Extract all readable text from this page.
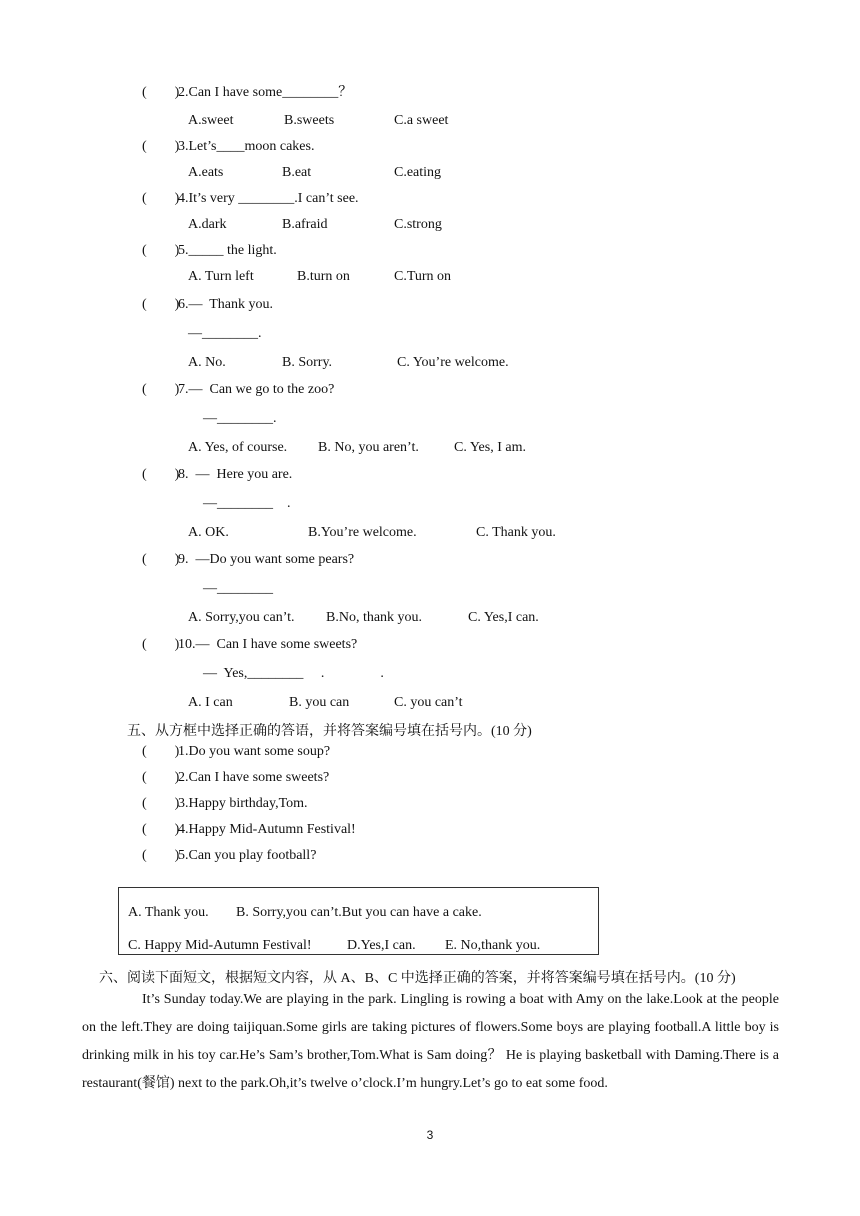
(        )
2.Can I have some________？
A.sweet	B.sweets	C.a sweet
(        )
3.Let’s____moon cakes.
A.eats	B.eat	C.eating
(        )
4.It’s very ________.I can’t see.
A.dark	B.afraid	C.strong
(        )
5._____ the light.
A. Turn left	B.turn on	C.Turn on
(        )
6.—  Thank you.
—________.
A. No.	B. Sorry.	C. You’re welcome.
(        )
7.—  Can we go to the zoo?
—________.
A. Yes, of course. B. No, you aren’t.	C. Yes, I am.
(        )
8.  —  Here you are.
—________    .
A. OK.	B.You’re welcome.	C. Thank you.
(        )
9.  —Do you want some pears?
—________
A. Sorry,you can’t. B.No, thank you.	C. Yes,I can.
(        )
10.—  Can I have some sweets?
—  Yes,________     .                .
A. I can	B. you can	C. you can’t
五、从方框中选择正确的答语，并将答案编号填在括号内。(10 分)
(        )
1.Do you want some soup?
(        )
2.Can I have some sweets?
(        )
3.Happy birthday,Tom.
(        )
4.Happy Mid-Autumn Festival!
(        )
5.Can you play football?
A. Thank you. B. Sorry,you can’t.But you can have a cake.
C. Happy Mid-Autumn Festival!	D.Yes,I can. E. No,thank you.
六、阅读下面短文，根据短文内容，从 A、B、C 中选择正确的答案，并将答案编号填在括号内。(10 分)
It’s Sunday today.We are playing in the park. Lingling is rowing a boat with Amy on the lake.Look at the people on the left.They are doing taijiquan.Some girls are taking pictures of flowers.Some boys are playing football.A little boy is drinking milk in his toy car.He’s Sam’s brother,Tom.What is Sam doing？ He is playing basketball with Daming.There is a restaurant(餐馆) next to the park.Oh,it’s twelve o’clock.I’m hungry.Let’s go to eat some food.
3
